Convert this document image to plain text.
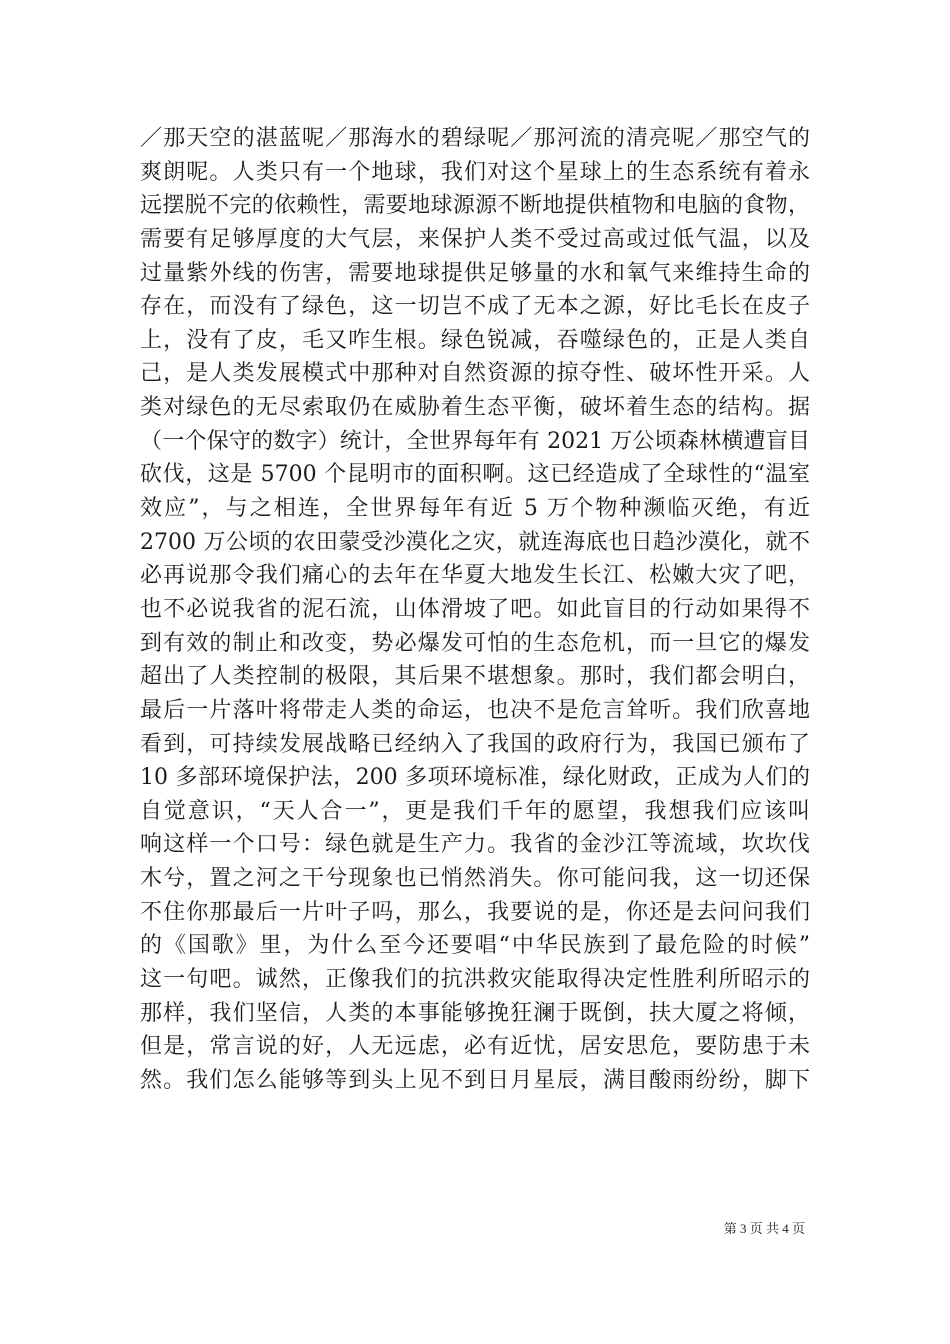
／那天空的湛蓝呢／那海水的碧绿呢／那河流的清亮呢／那空气的
爽朗呢。人类只有一个地球，我们对这个星球上的生态系统有着永
远摆脱不完的依赖性，需要地球源源不断地提供植物和电脑的食物，
需要有足够厚度的大气层，来保护人类不受过高或过低气温，以及
过量紫外线的伤害，需要地球提供足够量的水和氧气来维持生命的
存在，而没有了绿色，这一切岂不成了无本之源，好比毛长在皮子
上，没有了皮，毛又咋生根。绿色锐减，吞噬绿色的，正是人类自
己，是人类发展模式中那种对自然资源的掠夺性、破坏性开采。人
类对绿色的无尽索取仍在威胁着生态平衡，破坏着生态的结构。据
（一个保守的数字）统计，全世界每年有 2021 万公顷森林横遭盲目
砍伐，这是 5700 个昆明市的面积啊。这已经造成了全球性的“温室
效应”，与之相连，全世界每年有近 5 万个物种濒临灭绝，有近
2700 万公顷的农田蒙受沙漠化之灾，就连海底也日趋沙漠化，就不
必再说那令我们痛心的去年在华夏大地发生长江、松嫩大灾了吧，
也不必说我省的泥石流，山体滑坡了吧。如此盲目的行动如果得不
到有效的制止和改变，势必爆发可怕的生态危机，而一旦它的爆发
超出了人类控制的极限，其后果不堪想象。那时，我们都会明白，
最后一片落叶将带走人类的命运，也决不是危言耸听。我们欣喜地
看到，可持续发展战略已经纳入了我国的政府行为，我国已颁布了
10 多部环境保护法，200 多项环境标准，绿化财政，正成为人们的
自觉意识，“天人合一”，更是我们千年的愿望，我想我们应该叫
响这样一个口号：绿色就是生产力。我省的金沙江等流域，坎坎伐
木兮，置之河之干兮现象也已悄然消失。你可能问我，这一切还保
不住你那最后一片叶子吗，那么，我要说的是，你还是去问问我们
的《国歌》里，为什么至今还要唱“中华民族到了最危险的时候”
这一句吧。诚然，正像我们的抗洪救灾能取得决定性胜利所昭示的
那样，我们坚信，人类的本事能够挽狂澜于既倒，扶大厦之将倾，
但是，常言说的好，人无远虑，必有近忧，居安思危，要防患于未
然。我们怎么能够等到头上见不到日月星辰，满目酸雨纷纷，脚下
第 3 页 共 4 页
